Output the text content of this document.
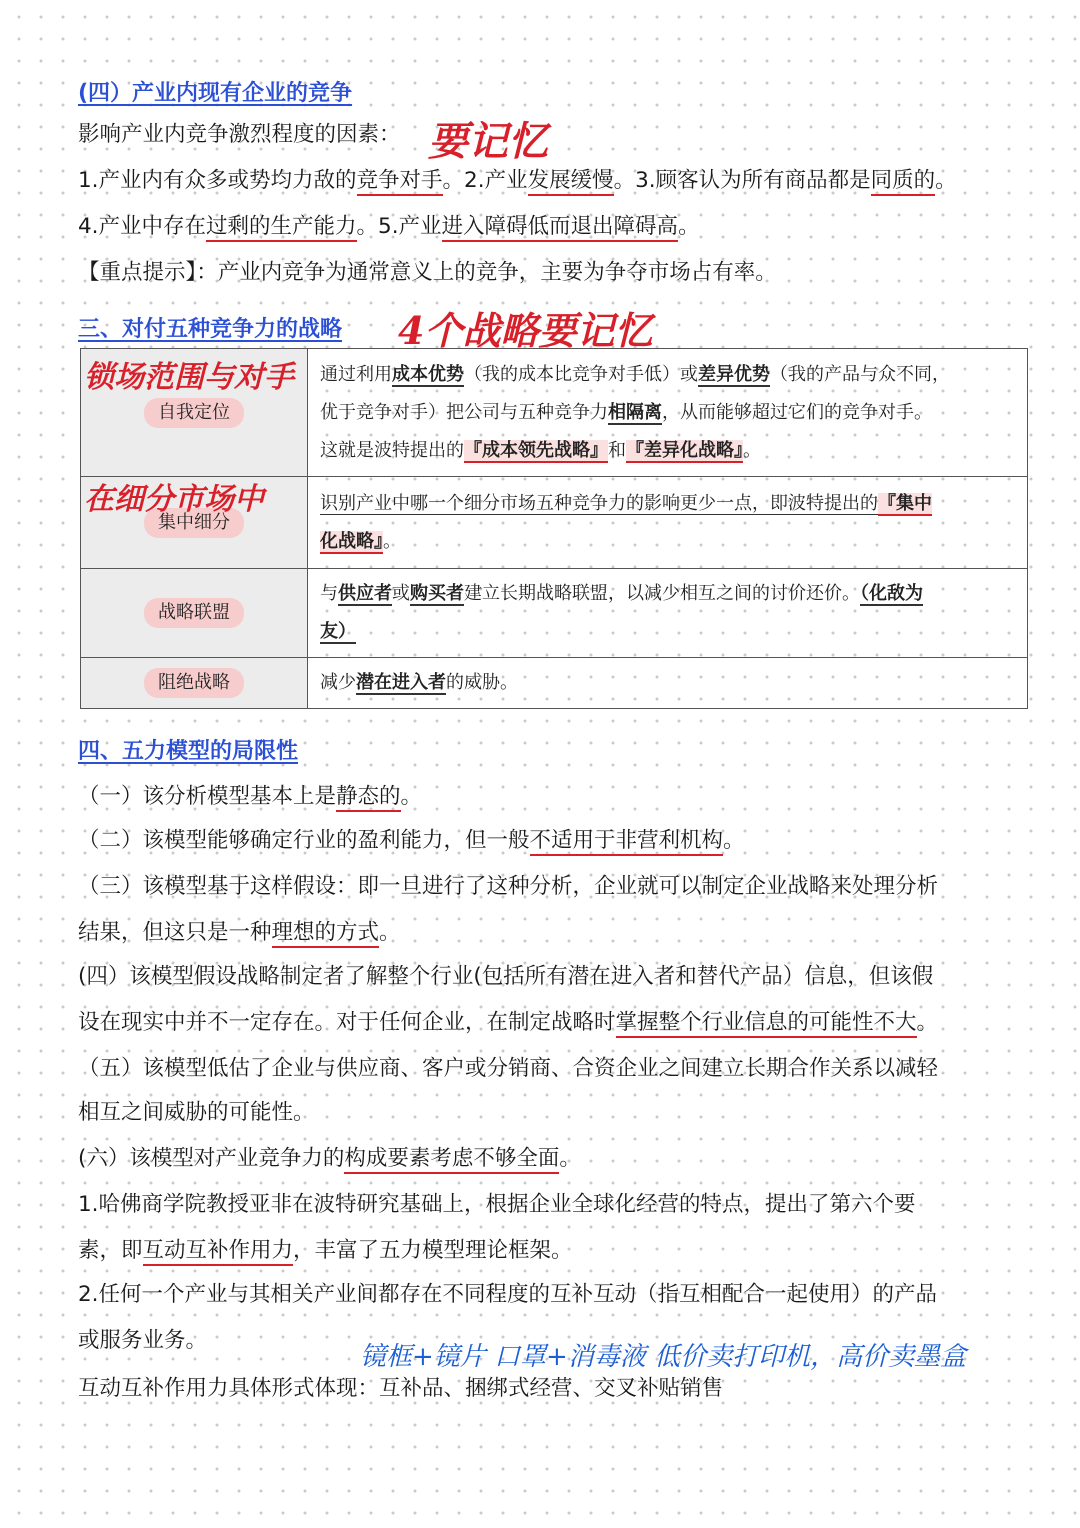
(四）产业内现有企业的竞争
影响产业内竞争激烈程度的因素： 要记忆
1.产业内有众多或势均力敌的竞争对手。2.产业发展缓慢。3.顾客认为所有商品都是同质的。
4.产业中存在过剩的生产能力。5.产业进入障碍低而退出障碍高。
【重点提示】：产业内竞争为通常意义上的竞争，主要为争夺市场占有率。
三、对付五种竞争力的战略 4个战略要记忆
自我定位	通过利用成本优势（我的成本比竞争对手低）或差异优势（我的产品与众不同，
优于竞争对手）把公司与五种竞争力相隔离，从而能够超过它们的竞争对手。
这就是波特提出的『成本领先战略』和『差异化战略』。
集中细分	识别产业中哪一个细分市场五种竞争力的影响更少一点，即波特提出的『集中
化战略』。
战略联盟	与供应者或购买者建立长期战略联盟，以减少相互之间的讨价还价。（化敌为
友）
阻绝战略	减少潜在进入者的威胁。
锁场范围与对手
在细分市场中
四、五力模型的局限性
（一）该分析模型基本上是静态的。
（二）该模型能够确定行业的盈利能力，但一般不适用于非营利机构。
（三）该模型基于这样假设：即一旦进行了这种分析，企业就可以制定企业战略来处理分析
结果，但这只是一种理想的方式。
(四）该模型假设战略制定者了解整个行业(包括所有潜在进入者和替代产品）信息，但该假
设在现实中并不一定存在。对于任何企业，在制定战略时掌握整个行业信息的可能性不大。
（五）该模型低估了企业与供应商、客户或分销商、合资企业之间建立长期合作关系以减轻
相互之间威胁的可能性。
(六）该模型对产业竞争力的构成要素考虑不够全面。
1.哈佛商学院教授亚非在波特研究基础上，根据企业全球化经营的特点，提出了第六个要
素，即互动互补作用力，丰富了五力模型理论框架。
2.任何一个产业与其相关产业间都存在不同程度的互补互动（指互相配合一起使用）的产品
或服务业务。
镜框+镜片 口罩+消毒液 低价卖打印机，高价卖墨盒
互动互补作用力具体形式体现：互补品、捆绑式经营、交叉补贴销售
